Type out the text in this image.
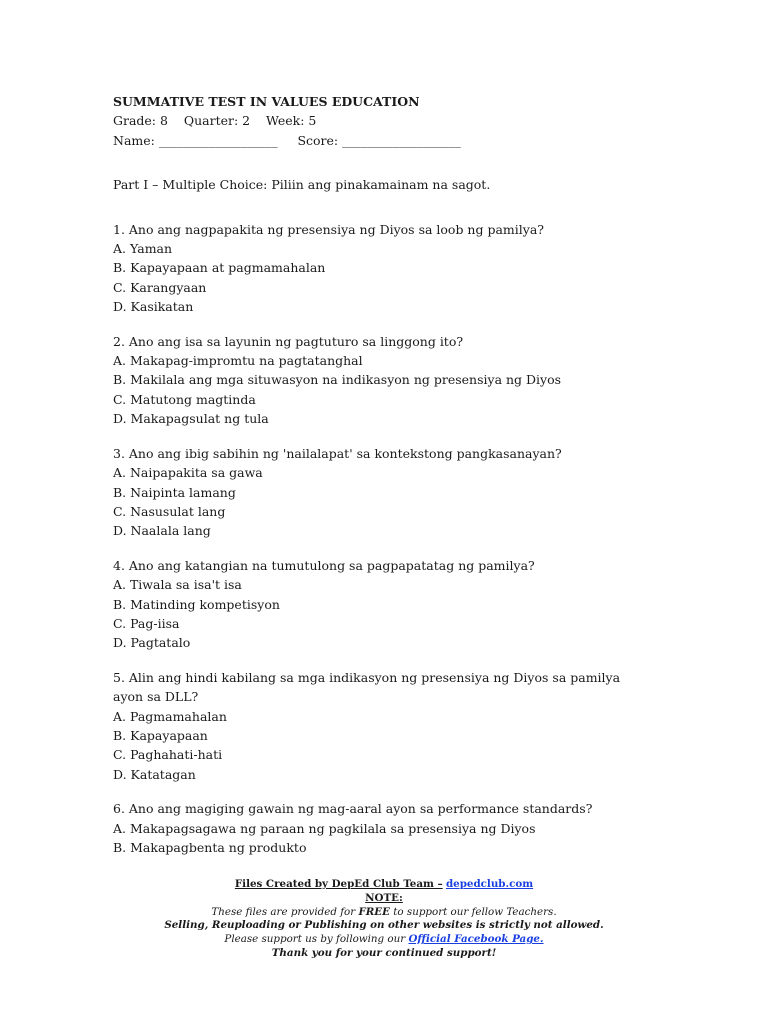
SUMMATIVE TEST IN VALUES EDUCATION
Grade: 8    Quarter: 2    Week: 5
Name: ___________________     Score: ___________________
Part I – Multiple Choice: Piliin ang pinakamainam na sagot.
1. Ano ang nagpapakita ng presensiya ng Diyos sa loob ng pamilya?
A. Yaman
B. Kapayapaan at pagmamahalan
C. Karangyaan
D. Kasikatan
2. Ano ang isa sa layunin ng pagtuturo sa linggong ito?
A. Makapag-impromtu na pagtatanghal
B. Makilala ang mga situwasyon na indikasyon ng presensiya ng Diyos
C. Matutong magtinda
D. Makapagsulat ng tula
3. Ano ang ibig sabihin ng 'nailalapat' sa kontekstong pangkasanayan?
A. Naipapakita sa gawa
B. Naipinta lamang
C. Nasusulat lang
D. Naalala lang
4. Ano ang katangian na tumutulong sa pagpapatatag ng pamilya?
A. Tiwala sa isa't isa
B. Matinding kompetisyon
C. Pag-iisa
D. Pagtatalo
5. Alin ang hindi kabilang sa mga indikasyon ng presensiya ng Diyos sa pamilya ayon sa DLL?
A. Pagmamahalan
B. Kapayapaan
C. Paghahati-hati
D. Katatagan
6. Ano ang magiging gawain ng mag-aaral ayon sa performance standards?
A. Makapagsagawa ng paraan ng pagkilala sa presensiya ng Diyos
B. Makapagbenta ng produkto
Files Created by DepEd Club Team – depedclub.com
NOTE:
These files are provided for FREE to support our fellow Teachers.
Selling, Reuploading or Publishing on other websites is strictly not allowed.
Please support us by following our Official Facebook Page.
Thank you for your continued support!
